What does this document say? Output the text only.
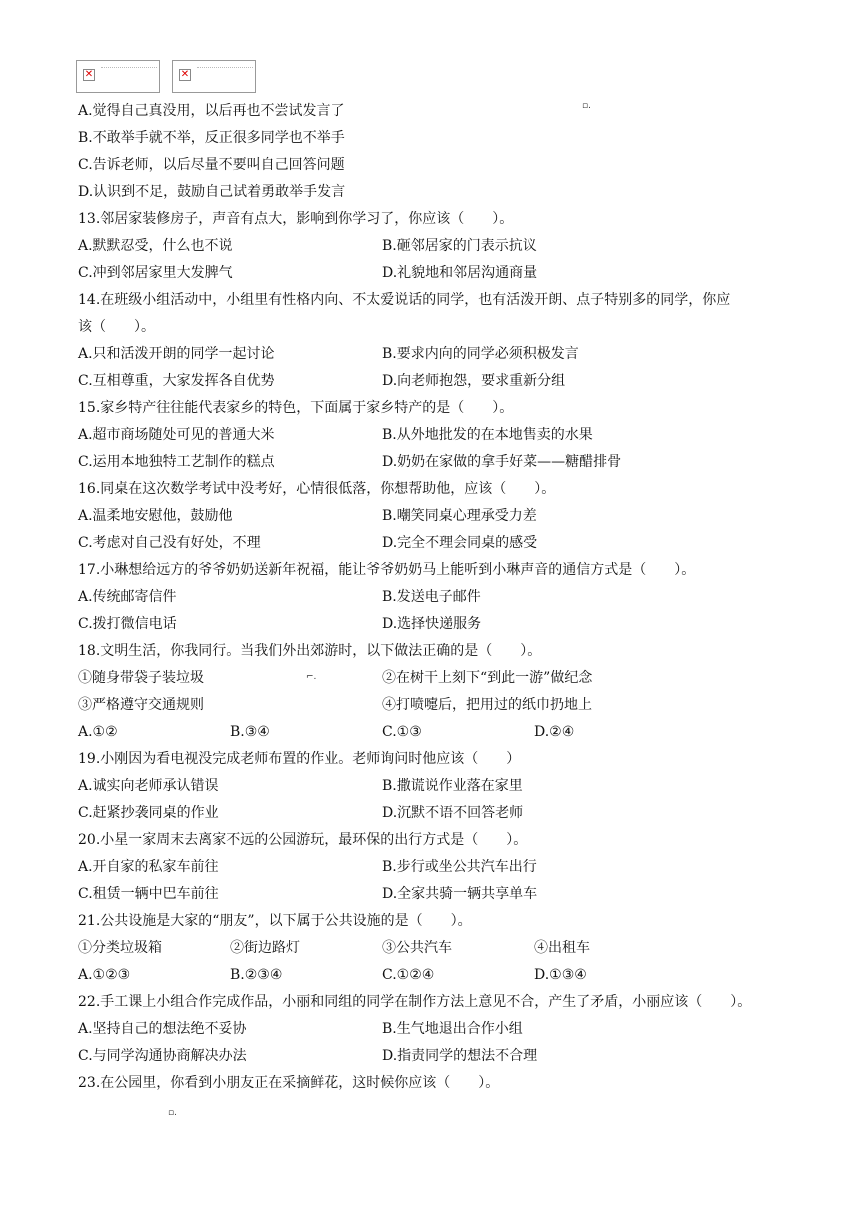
✕	✕
A.觉得自己真没用，以后再也不尝试发言了	▫.
B.不敢举手就不举，反正很多同学也不举手
C.告诉老师，以后尽量不要叫自己回答问题
D.认识到不足，鼓励自己试着勇敢举手发言
13.邻居家装修房子，声音有点大，影响到你学习了，你应该（　　）。
A.默默忍受，什么也不说	B.砸邻居家的门表示抗议
C.冲到邻居家里大发脾气	D.礼貌地和邻居沟通商量
14.在班级小组活动中，小组里有性格内向、不太爱说话的同学，也有活泼开朗、点子特别多的同学，你应
该（　　）。
A.只和活泼开朗的同学一起讨论	B.要求内向的同学必须积极发言
C.互相尊重，大家发挥各自优势	D.向老师抱怨，要求重新分组
15.家乡特产往往能代表家乡的特色，下面属于家乡特产的是（　　）。
A.超市商场随处可见的普通大米	B.从外地批发的在本地售卖的水果
C.运用本地独特工艺制作的糕点	D.奶奶在家做的拿手好菜——糖醋排骨
16.同桌在这次数学考试中没考好，心情很低落，你想帮助他，应该（　　）。
A.温柔地安慰他，鼓励他	B.嘲笑同桌心理承受力差
C.考虑对自己没有好处，不理	D.完全不理会同桌的感受
17.小琳想给远方的爷爷奶奶送新年祝福，能让爷爷奶奶马上能听到小琳声音的通信方式是（　　）。
A.传统邮寄信件	B.发送电子邮件
C.拨打微信电话	D.选择快递服务
18.文明生活，你我同行。当我们外出郊游时，以下做法正确的是（　　）。
①随身带袋子装垃圾	⌐.	②在树干上刻下“到此一游”做纪念
③严格遵守交通规则	④打喷嚏后，把用过的纸巾扔地上
A.①②	B.③④	C.①③	D.②④
19.小刚因为看电视没完成老师布置的作业。老师询问时他应该（　　）
A.诚实向老师承认错误	B.撒谎说作业落在家里
C.赶紧抄袭同桌的作业	D.沉默不语不回答老师
20.小星一家周末去离家不远的公园游玩，最环保的出行方式是（　　）。
A.开自家的私家车前往	B.步行或坐公共汽车出行
C.租赁一辆中巴车前往	D.全家共骑一辆共享单车
21.公共设施是大家的“朋友”，以下属于公共设施的是（　　）。
①分类垃圾箱	②街边路灯	③公共汽车	④出租车
A.①②③	B.②③④	C.①②④	D.①③④
22.手工课上小组合作完成作品，小丽和同组的同学在制作方法上意见不合，产生了矛盾，小丽应该（　　）。
A.坚持自己的想法绝不妥协	B.生气地退出合作小组
C.与同学沟通协商解决办法	D.指责同学的想法不合理
23.在公园里，你看到小朋友正在采摘鲜花，这时候你应该（　　）。
▫.
